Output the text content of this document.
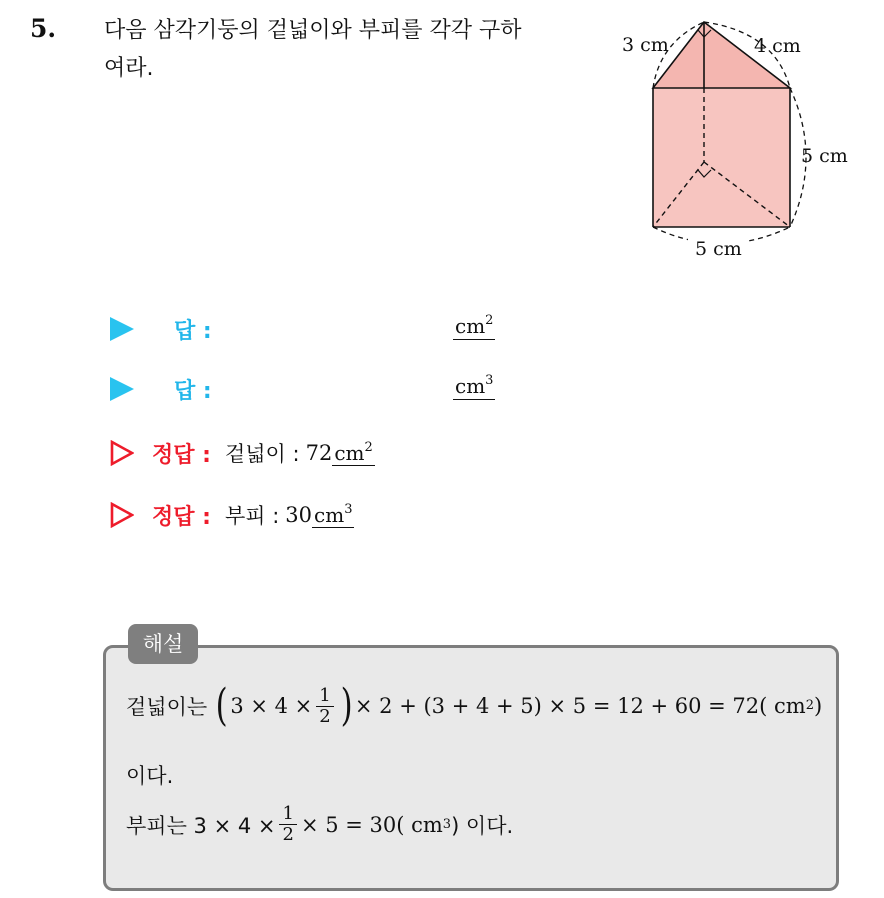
5. 다음 삼각기둥의 겉넓이와 부피를 각각 구하
여라.
3 cm	4 cm
5 cm
5 cm
답 :	$cm^2$
답 :	$cm^3$
정답 : 겉넓이 : 72 $cm^2$
정답 : 부피 : 30 $cm^3$
해설
겉넓이는 ( $3 \times 4 \times \frac{1}{2}$ ) × 2 + (3 + 4 + 5) × 5 = 12 + 60 = 72( cm 2 )
이다.
부피는 $3 \times 4 \times \frac{1}{2} \times 5 = 30$( cm 3 ) 이다.
